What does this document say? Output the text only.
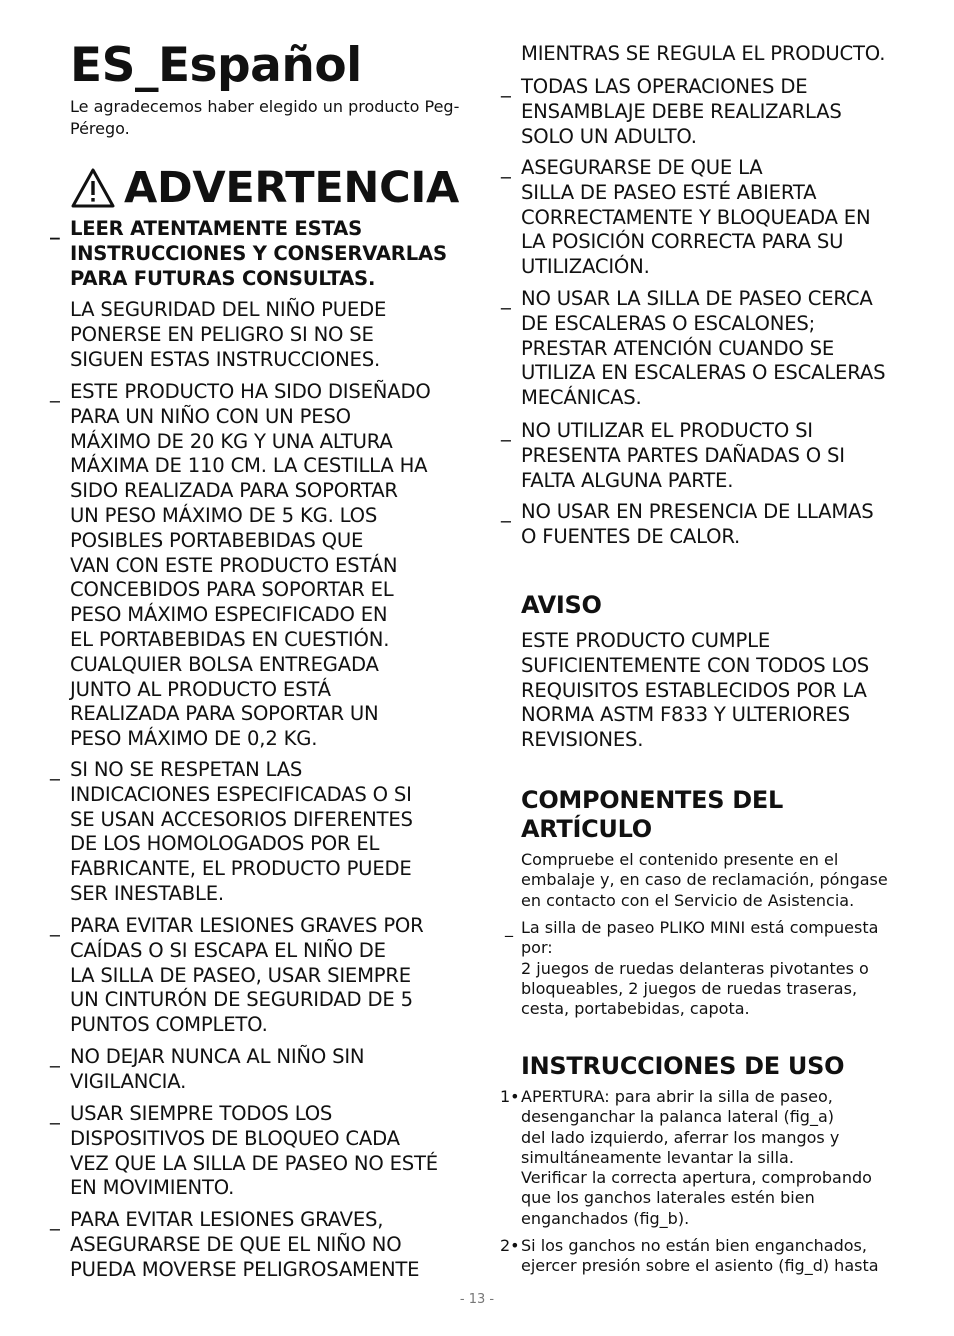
ES_Español

Le agradecemos haber elegido un producto Peg-Pérego.

ADVERTENCIA
_ LEER ATENTAMENTE ESTAS
INSTRUCCIONES Y CONSERVARLAS
PARA FUTURAS CONSULTAS.
LA SEGURIDAD DEL NIÑO PUEDE
PONERSE EN PELIGRO SI NO SE
SIGUEN ESTAS INSTRUCCIONES.
_ ESTE PRODUCTO HA SIDO DISEÑADO
PARA UN NIÑO CON UN PESO
MÁXIMO DE 20 KG Y UNA ALTURA
MÁXIMA DE 110 CM. LA CESTILLA HA
SIDO REALIZADA PARA SOPORTAR
UN PESO MÁXIMO DE 5 KG. LOS
POSIBLES PORTABEBIDAS QUE
VAN CON ESTE PRODUCTO ESTÁN
CONCEBIDOS PARA SOPORTAR EL
PESO MÁXIMO ESPECIFICADO EN
EL PORTABEBIDAS EN CUESTIÓN.
CUALQUIER BOLSA ENTREGADA
JUNTO AL PRODUCTO ESTÁ
REALIZADA PARA SOPORTAR UN
PESO MÁXIMO DE 0,2 KG.
_ SI NO SE RESPETAN LAS
INDICACIONES ESPECIFICADAS O SI
SE USAN ACCESORIOS DIFERENTES
DE LOS HOMOLOGADOS POR EL
FABRICANTE, EL PRODUCTO PUEDE
SER INESTABLE.
_ PARA EVITAR LESIONES GRAVES POR
CAÍDAS O SI ESCAPA EL NIÑO DE
LA SILLA DE PASEO, USAR SIEMPRE
UN CINTURÓN DE SEGURIDAD DE 5
PUNTOS COMPLETO.
_ NO DEJAR NUNCA AL NIÑO SIN
VIGILANCIA.
_ USAR SIEMPRE TODOS LOS
DISPOSITIVOS DE BLOQUEO CADA
VEZ QUE LA SILLA DE PASEO NO ESTÉ
EN MOVIMIENTO.
_ PARA EVITAR LESIONES GRAVES,
ASEGURARSE DE QUE EL NIÑO NO
PUEDA MOVERSE PELIGROSAMENTE
MIENTRAS SE REGULA EL PRODUCTO.
_ TODAS LAS OPERACIONES DE
ENSAMBLAJE DEBE REALIZARLAS
SOLO UN ADULTO.
_ ASEGURARSE DE QUE LA
SILLA DE PASEO ESTÉ ABIERTA
CORRECTAMENTE Y BLOQUEADA EN
LA POSICIÓN CORRECTA PARA SU
UTILIZACIÓN.
_ NO USAR LA SILLA DE PASEO CERCA
DE ESCALERAS O ESCALONES;
PRESTAR ATENCIÓN CUANDO SE
UTILIZA EN ESCALERAS O ESCALERAS
MECÁNICAS.
_ NO UTILIZAR EL PRODUCTO SI
PRESENTA PARTES DAÑADAS O SI
FALTA ALGUNA PARTE.
_ NO USAR EN PRESENCIA DE LLAMAS
O FUENTES DE CALOR.
AVISO
ESTE PRODUCTO CUMPLE
SUFICIENTEMENTE CON TODOS LOS
REQUISITOS ESTABLECIDOS POR LA
NORMA ASTM F833 Y ULTERIORES
REVISIONES.
COMPONENTES DEL
ARTÍCULO
Compruebe el contenido presente en el
embalaje y, en caso de reclamación, póngase
en contacto con el Servicio de Asistencia.
_ La silla de paseo PLIKO MINI está compuesta
por:
2 juegos de ruedas delanteras pivotantes o
bloqueables, 2 juegos de ruedas traseras,
cesta, portabebidas, capota.
INSTRUCCIONES DE USO
1• APERTURA: para abrir la silla de paseo,
desenganchar la palanca lateral (fig_a)
del lado izquierdo, aferrar los mangos y
simultáneamente levantar la silla.
Verificar la correcta apertura, comprobando
que los ganchos laterales estén bien
enganchados (fig_b).
2• Si los ganchos no están bien enganchados,
ejercer presión sobre el asiento (fig_d) hasta
- 13 -
